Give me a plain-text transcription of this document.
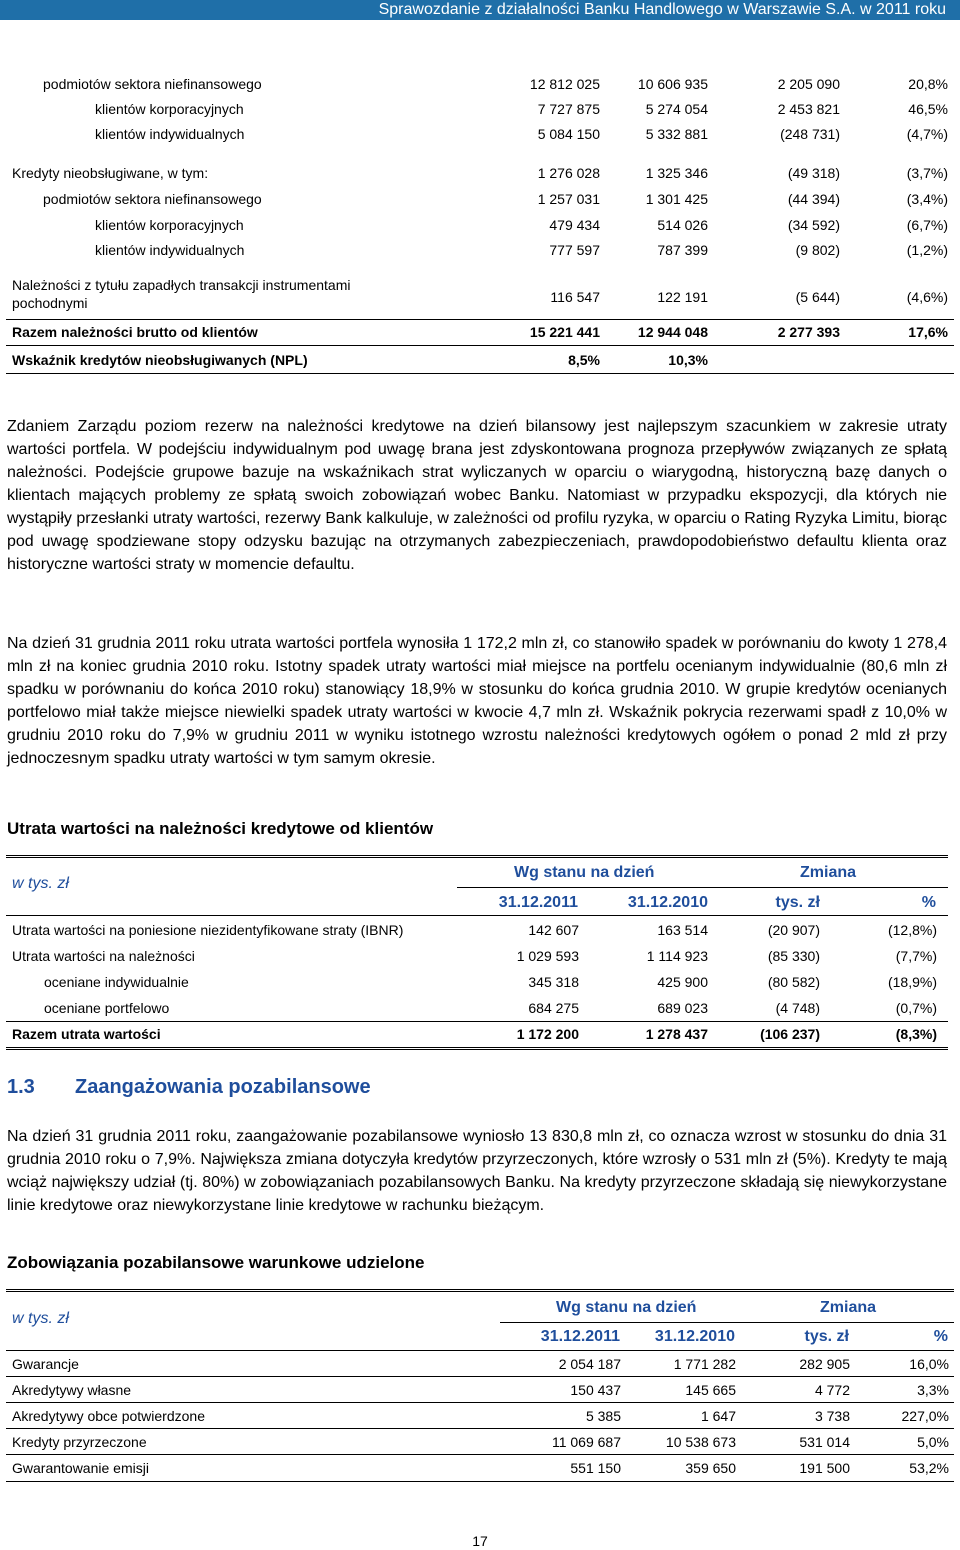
Sprawozdanie z działalności Banku Handlowego w Warszawie S.A. w 2011 roku
podmiotów sektora niefinansowego	12 812 025	10 606 935	2 205 090	20,8%
klientów korporacyjnych	7 727 875	5 274 054	2 453 821	46,5%
klientów indywidualnych	5 084 150	5 332 881	(248 731)	(4,7%)
Kredyty nieobsługiwane, w tym:	1 276 028	1 325 346	(49 318)	(3,7%)
podmiotów sektora niefinansowego	1 257 031	1 301 425	(44 394)	(3,4%)
klientów korporacyjnych	479 434	514 026	(34 592)	(6,7%)
klientów indywidualnych	777 597	787 399	(9 802)	(1,2%)
Należności z tytułu zapadłych transakcji instrumentami
pochodnymi	116 547	122 191	(5 644)	(4,6%)
Razem należności brutto od klientów	15 221 441	12 944 048	2 277 393	17,6%
Wskaźnik kredytów nieobsługiwanych (NPL)	8,5%	10,3%

Zdaniem Zarządu poziom rezerw na należności kredytowe na dzień bilansowy jest najlepszym szacunkiem w zakresie utraty wartości portfela. W podejściu indywidualnym pod uwagę brana jest zdyskontowana prognoza przepływów związanych ze spłatą należności. Podejście grupowe bazuje na wskaźnikach strat wyliczanych w oparciu o wiarygodną, historyczną bazę danych o klientach mających problemy ze spłatą swoich zobowiązań wobec Banku. Natomiast w przypadku ekspozycji, dla których nie wystąpiły przesłanki utraty wartości, rezerwy Bank kalkuluje, w zależności od profilu ryzyka, w oparciu o Rating Ryzyka Limitu, biorąc pod uwagę spodziewane stopy odzysku bazując na otrzymanych zabezpieczeniach, prawdopodobieństwo defaultu klienta oraz historyczne wartości straty w momencie defaultu.

Na dzień 31 grudnia 2011 roku utrata wartości portfela wynosiła 1 172,2 mln zł, co stanowiło spadek w porównaniu do kwoty 1 278,4 mln zł na koniec grudnia 2010 roku. Istotny spadek utraty wartości miał miejsce na portfelu ocenianym indywidualnie (80,6 mln zł spadku w porównaniu do końca 2010 roku) stanowiący 18,9% w stosunku do końca grudnia 2010. W grupie kredytów ocenianych portfelowo miał także miejsce niewielki spadek utraty wartości w kwocie 4,7 mln zł. Wskaźnik pokrycia rezerwami spadł z 10,0% w grudniu 2010 roku do 7,9% w grudniu 2011 w wyniku istotnego wzrostu należności kredytowych ogółem o ponad 2 mld zł przy jednoczesnym spadku utraty wartości w tym samym okresie.

Utrata wartości na należności kredytowe od klientów
w tys. zł
Wg stanu na dzień	Zmiana
31.12.2011	31.12.2010	tys. zł	%
Utrata wartości na poniesione niezidentyfikowane straty (IBNR)	142 607	163 514	(20 907)	(12,8%)
Utrata wartości na należności	1 029 593	1 114 923	(85 330)	(7,7%)
oceniane indywidualnie	345 318	425 900	(80 582)	(18,9%)
oceniane portfelowo	684 275	689 023	(4 748)	(0,7%)
Razem utrata wartości	1 172 200	1 278 437	(106 237)	(8,3%)
1.3 Zaangażowania pozabilansowe

Na dzień 31 grudnia 2011 roku, zaangażowanie pozabilansowe wyniosło 13 830,8 mln zł, co oznacza wzrost w stosunku do dnia 31 grudnia 2010 roku o 7,9%. Największa zmiana dotyczyła kredytów przyrzeczonych, które wzrosły o 531 mln zł (5%). Kredyty te mają wciąż największy udział (tj. 80%) w zobowiązaniach pozabilansowych Banku. Na kredyty przyrzeczone składają się niewykorzystane linie kredytowe oraz niewykorzystane linie kredytowe w rachunku bieżącym.

Zobowiązania pozabilansowe warunkowe udzielone
w tys. zł
Wg stanu na dzień	Zmiana
31.12.2011 31.12.2010	tys. zł	%
Gwarancje	2 054 187	1 771 282	282 905	16,0%
Akredytywy własne	150 437	145 665	4 772	3,3%
Akredytywy obce potwierdzone	5 385	1 647	3 738	227,0%
Kredyty przyrzeczone	11 069 687	10 538 673	531 014	5,0%
Gwarantowanie emisji	551 150	359 650	191 500	53,2%
17
